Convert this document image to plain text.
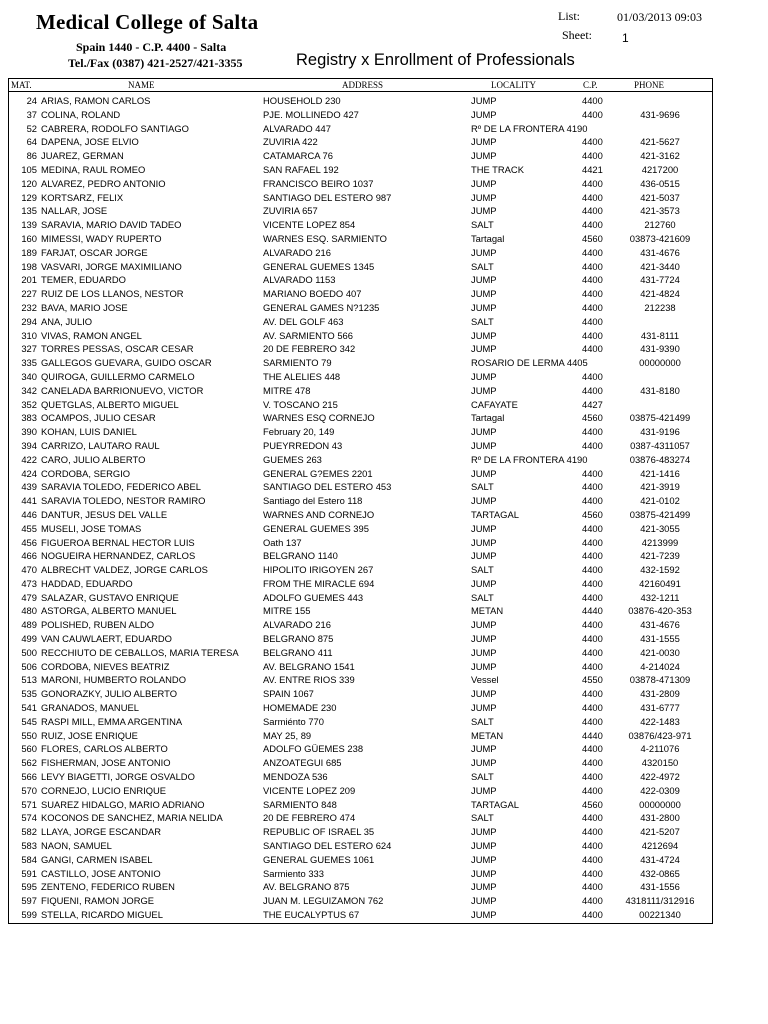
Medical College of Salta
Spain 1440 - C.P. 4400 - Salta
Tel./Fax (0387) 421-2527/421-3355	Registry x Enrollment of Professionals
List:	01/03/2013 09:03
Sheet:	1
MAT.	NAME	ADDRESS	LOCALITY	C.P.	PHONE
24 ARIAS, RAMON CARLOS	HOUSEHOLD 230	JUMP	4400
37 COLINA, ROLAND	PJE. MOLLINEDO 427	JUMP	4400	431-9696
52 CABRERA, RODOLFO SANTIAGO	ALVARADO 447	Rº DE LA FRONTERA 4190
64 DAPENA, JOSE ELVIO	ZUVIRIA 422	JUMP	4400	421-5627
86 JUAREZ, GERMAN	CATAMARCA 76	JUMP	4400	421-3162
105 MEDINA, RAUL ROMEO	SAN RAFAEL 192	THE TRACK	4421	4217200
120 ALVAREZ, PEDRO ANTONIO	FRANCISCO BEIRO 1037	JUMP	4400	436-0515
129 KORTSARZ, FELIX	SANTIAGO DEL ESTERO 987	JUMP	4400	421-5037
135 NALLAR, JOSE	ZUVIRIA 657	JUMP	4400	421-3573
139 SARAVIA, MARIO DAVID TADEO	VICENTE LOPEZ 854	SALT	4400	212760
160 MIMESSI, WADY RUPERTO	WARNES ESQ. SARMIENTO	Tartagal	4560	03873-421609
189 FARJAT, OSCAR JORGE	ALVARADO 216	JUMP	4400	431-4676
198 VASVARI, JORGE MAXIMILIANO	GENERAL GUEMES 1345	SALT	4400	421-3440
201 TEMER, EDUARDO	ALVARADO 1153	JUMP	4400	431-7724
227 RUIZ DE LOS LLANOS, NESTOR	MARIANO BOEDO 407	JUMP	4400	421-4824
232 BAVA, MARIO JOSE	GENERAL GAMES N?1235	JUMP	4400	212238
294 ANA, JULIO	AV. DEL GOLF 463	SALT	4400
310 VIVAS, RAMON ANGEL	AV. SARMIENTO 566	JUMP	4400	431-8111
327 TORRES PESSAS, OSCAR CESAR	20 DE FEBRERO 342	JUMP	4400	431-9390
335 GALLEGOS GUEVARA, GUIDO OSCAR	SARMIENTO 79	ROSARIO DE LERMA 4405	00000000
340 QUIROGA, GUILLERMO CARMELO	THE ALELIES 448	JUMP	4400
342 CANELADA BARRIONUEVO, VICTOR	MITRE 478	JUMP	4400	431-8180
352 QUETGLAS, ALBERTO MIGUEL	V. TOSCANO 215	CAFAYATE	4427
383 OCAMPOS, JULIO CESAR	WARNES ESQ CORNEJO	Tartagal	4560	03875-421499
390 KOHAN, LUIS DANIEL	February 20, 149	JUMP	4400	431-9196
394 CARRIZO, LAUTARO RAUL	PUEYRREDON 43	JUMP	4400	0387-4311057
422 CARO, JULIO ALBERTO	GUEMES 263	Rº DE LA FRONTERA 4190	03876-483274
424 CORDOBA, SERGIO	GENERAL G?EMES 2201	JUMP	4400	421-1416
439 SARAVIA TOLEDO, FEDERICO ABEL	SANTIAGO DEL ESTERO 453	SALT	4400	421-3919
441 SARAVIA TOLEDO, NESTOR RAMIRO	Santiago del Estero 118	JUMP	4400	421-0102
446 DANTUR, JESUS DEL VALLE	WARNES AND CORNEJO	TARTAGAL	4560	03875-421499
455 MUSELI, JOSE TOMAS	GENERAL GUEMES 395	JUMP	4400	421-3055
456 FIGUEROA BERNAL HECTOR LUIS	Oath 137	JUMP	4400	4213999
466 NOGUEIRA HERNANDEZ, CARLOS	BELGRANO 1140	JUMP	4400	421-7239
470 ALBRECHT VALDEZ, JORGE CARLOS	HIPOLITO IRIGOYEN 267	SALT	4400	432-1592
473 HADDAD, EDUARDO	FROM THE MIRACLE 694	JUMP	4400	42160491
479 SALAZAR, GUSTAVO ENRIQUE	ADOLFO GUEMES 443	SALT	4400	432-1211
480 ASTORGA, ALBERTO MANUEL	MITRE 155	METAN	4440	03876-420-353
489 POLISHED, RUBEN ALDO	ALVARADO 216	JUMP	4400	431-4676
499 VAN CAUWLAERT, EDUARDO	BELGRANO 875	JUMP	4400	431-1555
500 RECCHIUTO DE CEBALLOS, MARIA TERESA	BELGRANO 411	JUMP	4400	421-0030
506 CORDOBA, NIEVES BEATRIZ	AV. BELGRANO 1541	JUMP	4400	4-214024
513 MARONI, HUMBERTO ROLANDO	AV. ENTRE RIOS 339	Vessel	4550	03878-471309
535 GONORAZKY, JULIO ALBERTO	SPAIN 1067	JUMP	4400	431-2809
541 GRANADOS, MANUEL	HOMEMADE 230	JUMP	4400	431-6777
545 RASPI MILL, EMMA ARGENTINA	Sarmiénto 770	SALT	4400	422-1483
550 RUIZ, JOSE ENRIQUE	MAY 25, 89	METAN	4440	03876/423-971
560 FLORES, CARLOS ALBERTO	ADOLFO GÜEMES 238	JUMP	4400	4-211076
562 FISHERMAN, JOSE ANTONIO	ANZOATEGUI 685	JUMP	4400	4320150
566 LEVY BIAGETTI, JORGE OSVALDO	MENDOZA 536	SALT	4400	422-4972
570 CORNEJO, LUCIO ENRIQUE	VICENTE LOPEZ 209	JUMP	4400	422-0309
571 SUAREZ HIDALGO, MARIO ADRIANO	SARMIENTO 848	TARTAGAL	4560	00000000
574 KOCONOS DE SANCHEZ, MARIA NELIDA	20 DE FEBRERO 474	SALT	4400	431-2800
582 LLAYA, JORGE ESCANDAR	REPUBLIC OF ISRAEL 35	JUMP	4400	421-5207
583 NAON, SAMUEL	SANTIAGO DEL ESTERO 624	JUMP	4400	4212694
584 GANGI, CARMEN ISABEL	GENERAL GUEMES 1061	JUMP	4400	431-4724
591 CASTILLO, JOSE ANTONIO	Sarmiento 333	JUMP	4400	432-0865
595 ZENTENO, FEDERICO RUBEN	AV. BELGRANO 875	JUMP	4400	431-1556
597 FIQUENI, RAMON JORGE	JUAN M. LEGUIZAMON 762	JUMP	4400	4318111/312916
599 STELLA, RICARDO MIGUEL	THE EUCALYPTUS 67	JUMP	4400	00221340
